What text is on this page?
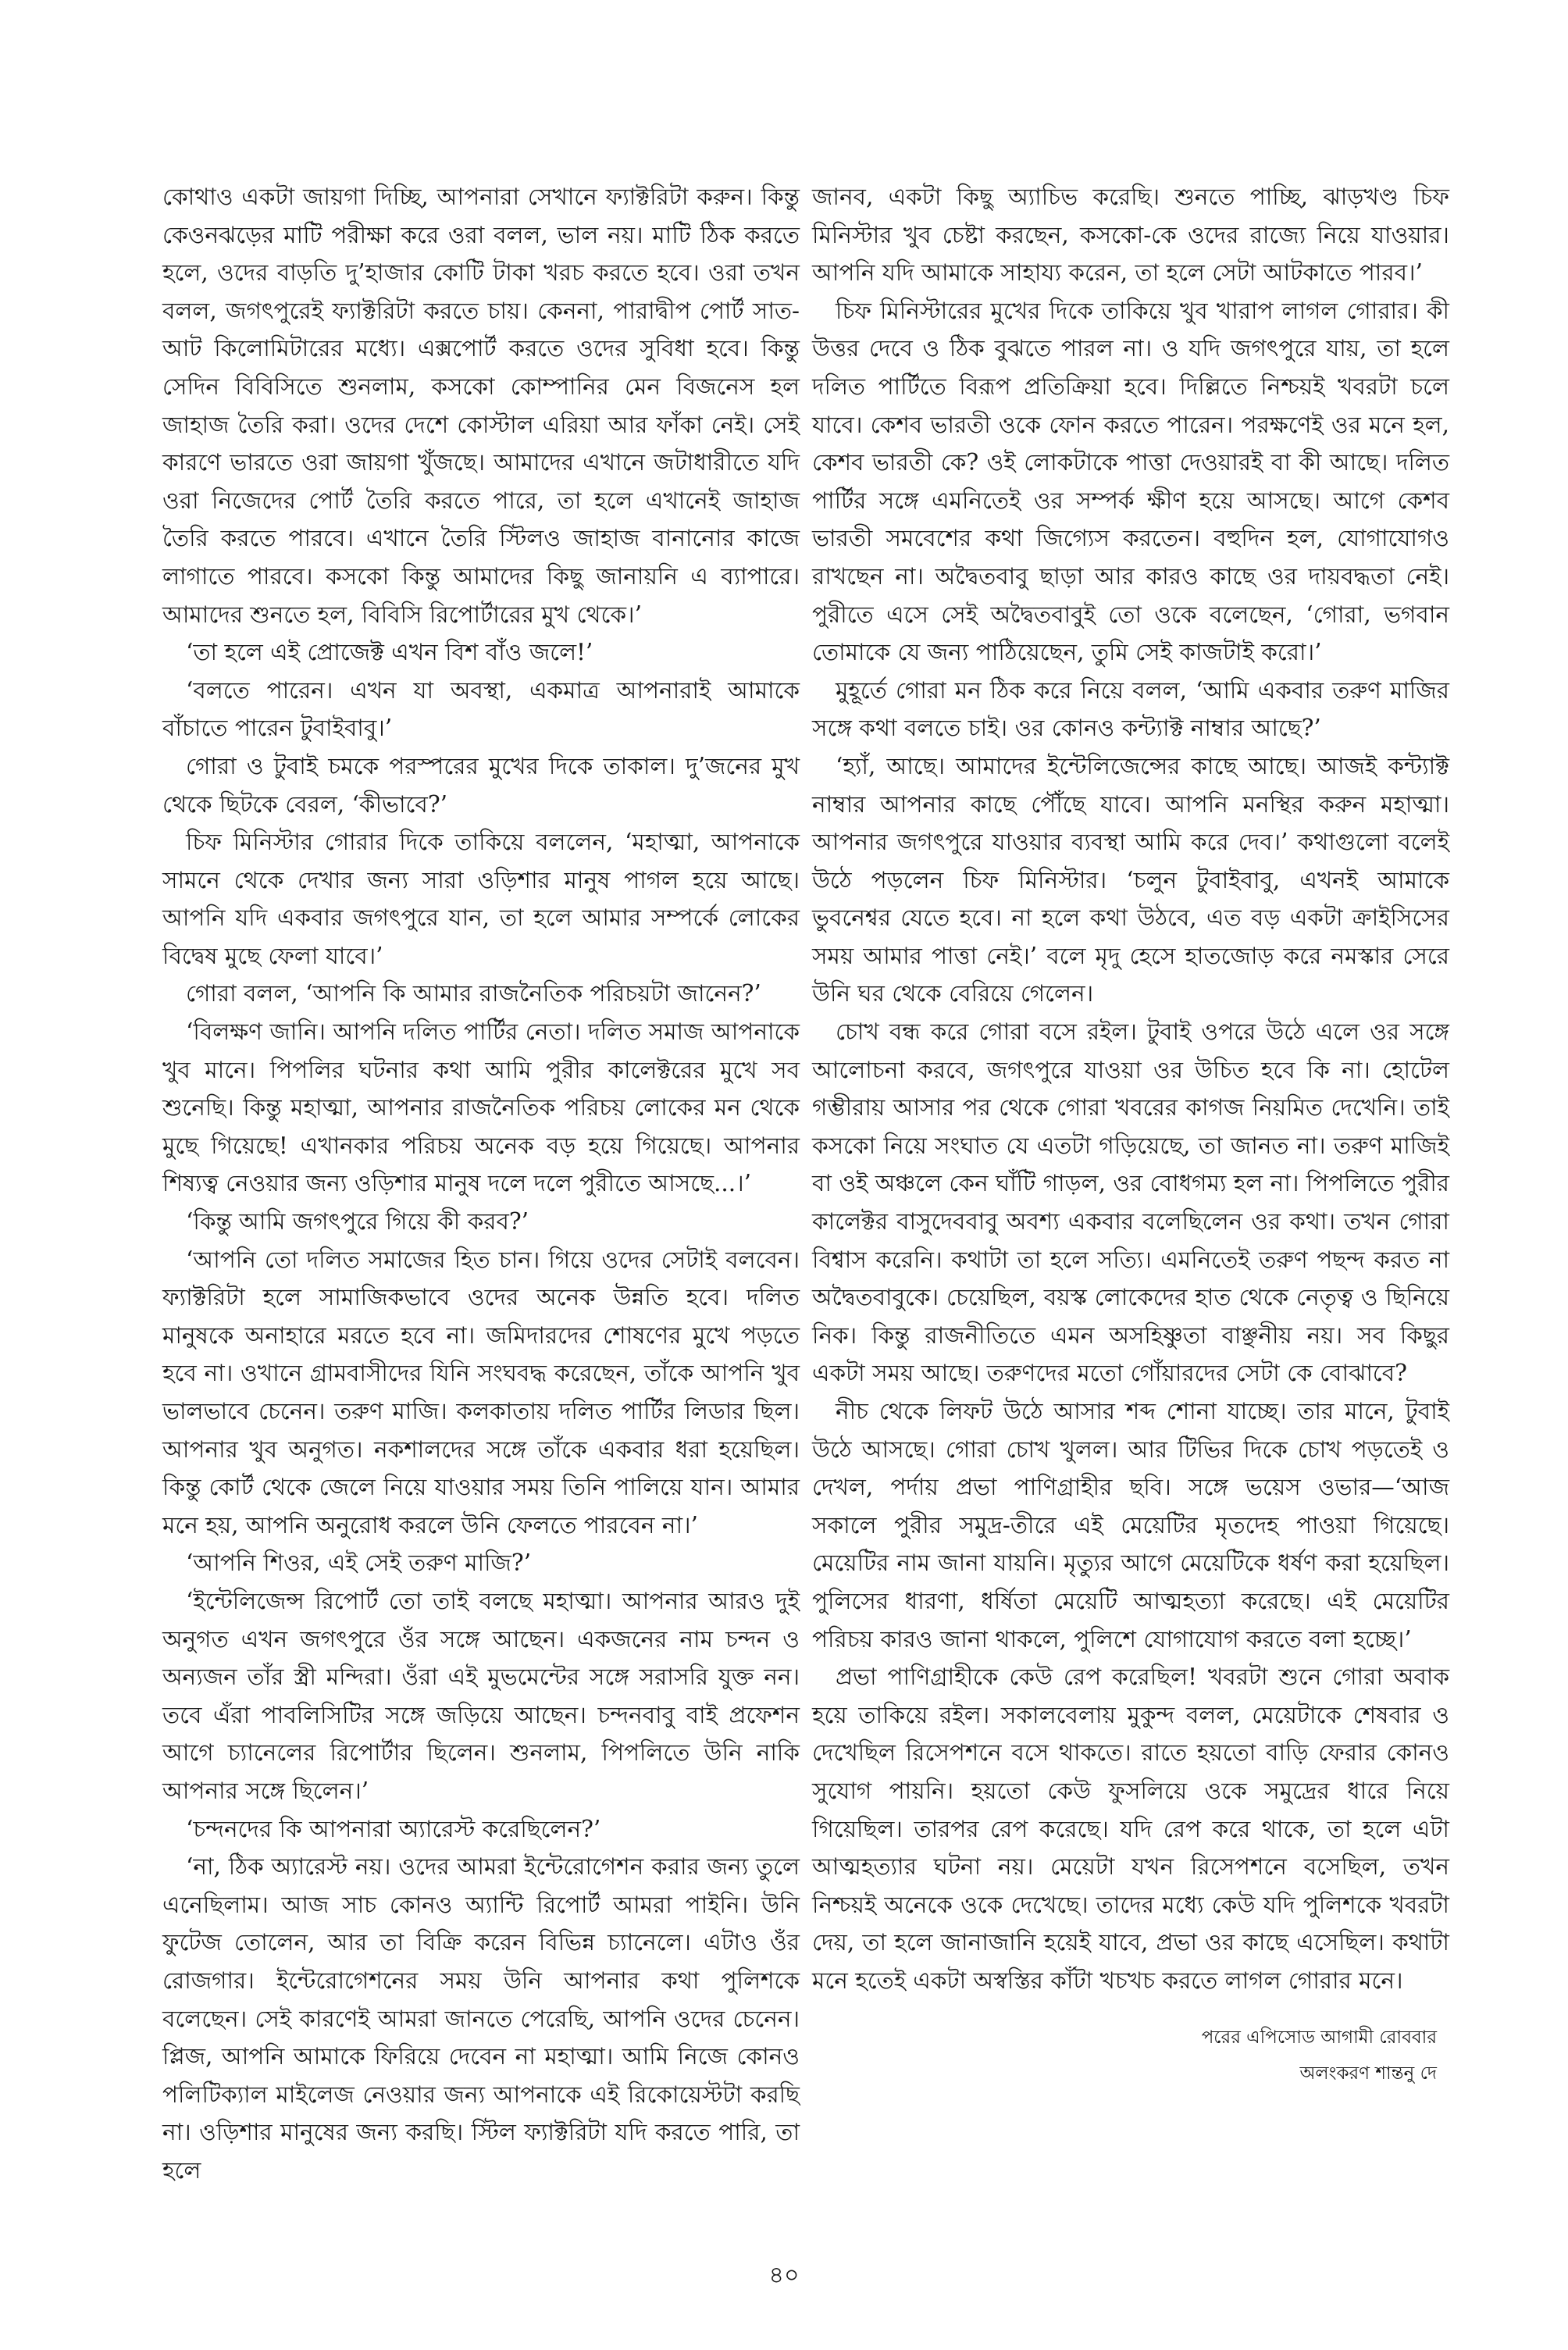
কোথাও একটা জায়গা দিচ্ছি, আপনারা সেখানে ফ্যাক্টরিটা করুন। কিন্তু কেওনঝড়ের মাটি পরীক্ষা করে ওরা বলল, ভাল নয়। মাটি ঠিক করতে হলে, ওদের বাড়তি দু’হাজার কোটি টাকা খরচ করতে হবে। ওরা তখন বলল, জগৎপুরেই ফ্যাক্টরিটা করতে চায়। কেননা, পারাদ্বীপ পোর্ট সাত-আট কিলোমিটারের মধ্যে। এক্সপোর্ট করতে ওদের সুবিধা হবে। কিন্তু সেদিন বিবিসিতে শুনলাম, কসকো কোম্পানির মেন বিজনেস হল জাহাজ তৈরি করা। ওদের দেশে কোস্টাল এরিয়া আর ফাঁকা নেই। সেই কারণে ভারতে ওরা জায়গা খুঁজছে। আমাদের এখানে জটাধারীতে যদি ওরা নিজেদের পোর্ট তৈরি করতে পারে, তা হলে এখানেই জাহাজ তৈরি করতে পারবে। এখানে তৈরি স্টিলও জাহাজ বানানোর কাজে লাগাতে পারবে। কসকো কিন্তু আমাদের কিছু জানায়নি এ ব্যাপারে। আমাদের শুনতে হল, বিবিসি রিপোর্টারের মুখ থেকে।’

‘তা হলে এই প্রোজেক্ট এখন বিশ বাঁও জলে!’

‘বলতে পারেন। এখন যা অবস্থা, একমাত্র আপনারাই আমাকে বাঁচাতে পারেন টুবাইবাবু।’

গোরা ও টুবাই চমকে পরস্পরের মুখের দিকে তাকাল। দু’জনের মুখ থেকে ছিটকে বেরল, ‘কীভাবে?’

চিফ মিনিস্টার গোরার দিকে তাকিয়ে বললেন, ‘মহাত্মা, আপনাকে সামনে থেকে দেখার জন্য সারা ওড়িশার মানুষ পাগল হয়ে আছে। আপনি যদি একবার জগৎপুরে যান, তা হলে আমার সম্পর্কে লোকের বিদ্বেষ মুছে ফেলা যাবে।’

গোরা বলল, ‘আপনি কি আমার রাজনৈতিক পরিচয়টা জানেন?’

‘বিলক্ষণ জানি। আপনি দলিত পার্টির নেতা। দলিত সমাজ আপনাকে খুব মানে। পিপলির ঘটনার কথা আমি পুরীর কালেক্টরের মুখে সব শুনেছি। কিন্তু মহাত্মা, আপনার রাজনৈতিক পরিচয় লোকের মন থেকে মুছে গিয়েছে! এখানকার পরিচয় অনেক বড় হয়ে গিয়েছে। আপনার শিষ্যত্ব নেওয়ার জন্য ওড়িশার মানুষ দলে দলে পুরীতে আসছে...।’

‘কিন্তু আমি জগৎপুরে গিয়ে কী করব?’

‘আপনি তো দলিত সমাজের হিত চান। গিয়ে ওদের সেটাই বলবেন। ফ্যাক্টরিটা হলে সামাজিকভাবে ওদের অনেক উন্নতি হবে। দলিত মানুষকে অনাহারে মরতে হবে না। জমিদারদের শোষণের মুখে পড়তে হবে না। ওখানে গ্রামবাসীদের যিনি সংঘবদ্ধ করেছেন, তাঁকে আপনি খুব ভালভাবে চেনেন। তরুণ মাজি। কলকাতায় দলিত পার্টির লিডার ছিল। আপনার খুব অনুগত। নকশালদের সঙ্গে তাঁকে একবার ধরা হয়েছিল। কিন্তু কোর্ট থেকে জেলে নিয়ে যাওয়ার সময় তিনি পালিয়ে যান। আমার মনে হয়, আপনি অনুরোধ করলে উনি ফেলতে পারবেন না।’

‘আপনি শিওর, এই সেই তরুণ মাজি?’

‘ইন্টেলিজেন্স রিপোর্ট তো তাই বলছে মহাত্মা। আপনার আরও দুই অনুগত এখন জগৎপুরে ওঁর সঙ্গে আছেন। একজনের নাম চন্দন ও অন্যজন তাঁর স্ত্রী মন্দিরা। ওঁরা এই মুভমেন্টের সঙ্গে সরাসরি যুক্ত নন। তবে এঁরা পাবলিসিটির সঙ্গে জড়িয়ে আছেন। চন্দনবাবু বাই প্রফেশন আগে চ্যানেলের রিপোর্টার ছিলেন। শুনলাম, পিপলিতে উনি নাকি আপনার সঙ্গে ছিলেন।’

‘চন্দনদের কি আপনারা অ্যারেস্ট করেছিলেন?’

‘না, ঠিক অ্যারেস্ট নয়। ওদের আমরা ইন্টেরোগেশন করার জন্য তুলে এনেছিলাম। আজ সাচ কোনও অ্যান্টি রিপোর্ট আমরা পাইনি। উনি ফুটেজ তোলেন, আর তা বিক্রি করেন বিভিন্ন চ্যানেলে। এটাও ওঁর রোজগার। ইন্টেরোগেশনের সময় উনি আপনার কথা পুলিশকে বলেছেন। সেই কারণেই আমরা জানতে পেরেছি, আপনি ওদের চেনেন। প্লিজ, আপনি আমাকে ফিরিয়ে দেবেন না মহাত্মা। আমি নিজে কোনও পলিটিক্যাল মাইলেজ নেওয়ার জন্য আপনাকে এই রিকোয়েস্টটা করছি না। ওড়িশার মানুষের জন্য করছি। স্টিল ফ্যাক্টরিটা যদি করতে পারি, তা হলে

জানব, একটা কিছু অ্যাচিভ করেছি। শুনতে পাচ্ছি, ঝাড়খণ্ড চিফ মিনিস্টার খুব চেষ্টা করছেন, কসকো-কে ওদের রাজ্যে নিয়ে যাওয়ার। আপনি যদি আমাকে সাহায্য করেন, তা হলে সেটা আটকাতে পারব।’

চিফ মিনিস্টারের মুখের দিকে তাকিয়ে খুব খারাপ লাগল গোরার। কী উত্তর দেবে ও ঠিক বুঝতে পারল না। ও যদি জগৎপুরে যায়, তা হলে দলিত পার্টিতে বিরূপ প্রতিক্রিয়া হবে। দিল্লিতে নিশ্চয়ই খবরটা চলে যাবে। কেশব ভারতী ওকে ফোন করতে পারেন। পরক্ষণেই ওর মনে হল, কেশব ভারতী কে? ওই লোকটাকে পাত্তা দেওয়ারই বা কী আছে। দলিত পার্টির সঙ্গে এমনিতেই ওর সম্পর্ক ক্ষীণ হয়ে আসছে। আগে কেশব ভারতী সমবেশের কথা জিগ্যেস করতেন। বহুদিন হল, যোগাযোগও রাখছেন না। অদ্বৈতবাবু ছাড়া আর কারও কাছে ওর দায়বদ্ধতা নেই। পুরীতে এসে সেই অদ্বৈতবাবুই তো ওকে বলেছেন, ‘গোরা, ভগবান তোমাকে যে জন্য পাঠিয়েছেন, তুমি সেই কাজটাই করো।’

মুহূর্তে গোরা মন ঠিক করে নিয়ে বলল, ‘আমি একবার তরুণ মাজির সঙ্গে কথা বলতে চাই। ওর কোনও কন্ট্যাক্ট নাম্বার আছে?’

‘হ্যাঁ, আছে। আমাদের ইন্টেলিজেন্সের কাছে আছে। আজই কন্ট্যাক্ট নাম্বার আপনার কাছে পৌঁছে যাবে। আপনি মনস্থির করুন মহাত্মা। আপনার জগৎপুরে যাওয়ার ব্যবস্থা আমি করে দেব।’ কথাগুলো বলেই উঠে পড়লেন চিফ মিনিস্টার। ‘চলুন টুবাইবাবু, এখনই আমাকে ভুবনেশ্বর যেতে হবে। না হলে কথা উঠবে, এত বড় একটা ক্রাইসিসের সময় আমার পাত্তা নেই।’ বলে মৃদু হেসে হাতজোড় করে নমস্কার সেরে উনি ঘর থেকে বেরিয়ে গেলেন।

চোখ বন্ধ করে গোরা বসে রইল। টুবাই ওপরে উঠে এলে ওর সঙ্গে আলোচনা করবে, জগৎপুরে যাওয়া ওর উচিত হবে কি না। হোটেল গম্ভীরায় আসার পর থেকে গোরা খবরের কাগজ নিয়মিত দেখেনি। তাই কসকো নিয়ে সংঘাত যে এতটা গড়িয়েছে, তা জানত না। তরুণ মাজিই বা ওই অঞ্চলে কেন ঘাঁটি গাড়ল, ওর বোধগম্য হল না। পিপলিতে পুরীর কালেক্টর বাসুদেববাবু অবশ্য একবার বলেছিলেন ওর কথা। তখন গোরা বিশ্বাস করেনি। কথাটা তা হলে সত্যি। এমনিতেই তরুণ পছন্দ করত না অদ্বৈতবাবুকে। চেয়েছিল, বয়স্ক লোকেদের হাত থেকে নেতৃত্ব ও ছিনিয়ে নিক। কিন্তু রাজনীতিতে এমন অসহিষ্ণুতা বাঞ্ছনীয় নয়। সব কিছুর একটা সময় আছে। তরুণদের মতো গোঁয়ারদের সেটা কে বোঝাবে?

নীচ থেকে লিফট উঠে আসার শব্দ শোনা যাচ্ছে। তার মানে, টুবাই উঠে আসছে। গোরা চোখ খুলল। আর টিভির দিকে চোখ পড়তেই ও দেখল, পর্দায় প্রভা পাণিগ্রাহীর ছবি। সঙ্গে ভয়েস ওভার—‘আজ সকালে পুরীর সমুদ্র-তীরে এই মেয়েটির মৃতদেহ পাওয়া গিয়েছে। মেয়েটির নাম জানা যায়নি। মৃত্যুর আগে মেয়েটিকে ধর্ষণ করা হয়েছিল। পুলিসের ধারণা, ধর্ষিতা মেয়েটি আত্মহত্যা করেছে। এই মেয়েটির পরিচয় কারও জানা থাকলে, পুলিশে যোগাযোগ করতে বলা হচ্ছে।’

প্রভা পাণিগ্রাহীকে কেউ রেপ করেছিল! খবরটা শুনে গোরা অবাক হয়ে তাকিয়ে রইল। সকালবেলায় মুকুন্দ বলল, মেয়েটাকে শেষবার ও দেখেছিল রিসেপশনে বসে থাকতে। রাতে হয়তো বাড়ি ফেরার কোনও সুযোগ পায়নি। হয়তো কেউ ফুসলিয়ে ওকে সমুদ্রের ধারে নিয়ে গিয়েছিল। তারপর রেপ করেছে। যদি রেপ করে থাকে, তা হলে এটা আত্মহত্যার ঘটনা নয়। মেয়েটা যখন রিসেপশনে বসেছিল, তখন নিশ্চয়ই অনেকে ওকে দেখেছে। তাদের মধ্যে কেউ যদি পুলিশকে খবরটা দেয়, তা হলে জানাজানি হয়েই যাবে, প্রভা ওর কাছে এসেছিল। কথাটা মনে হতেই একটা অস্বস্তির কাঁটা খচখচ করতে লাগল গোরার মনে।

পরের এপিসোড আগামী রোববার
অলংকরণ শান্তনু দে
৪০
